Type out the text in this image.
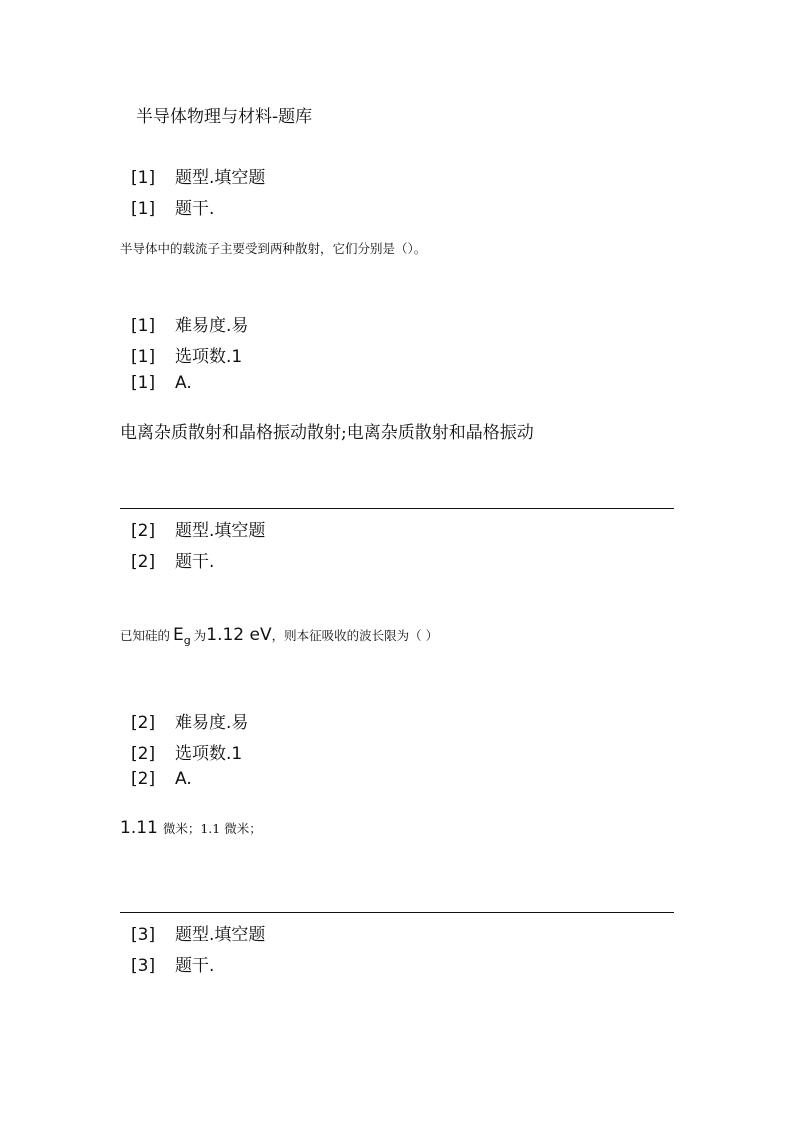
半导体物理与材料-题库
[1] 题型.填空题
[1] 题干.
半导体中的载流子主要受到两种散射，它们分别是（）。
[1] 难易度.易
[1] 选项数.1
[1] A.
电离杂质散射和晶格振动散射;电离杂质散射和晶格振动
[2] 题型.填空题
[2] 题干.
已知硅的 $E_g$ 为1.12 eV，则本征吸收的波长限为（ ）
[2] 难易度.易
[2] 选项数.1
[2] A.
1.11 微米；1.1 微米；
[3] 题型.填空题
[3] 题干.
